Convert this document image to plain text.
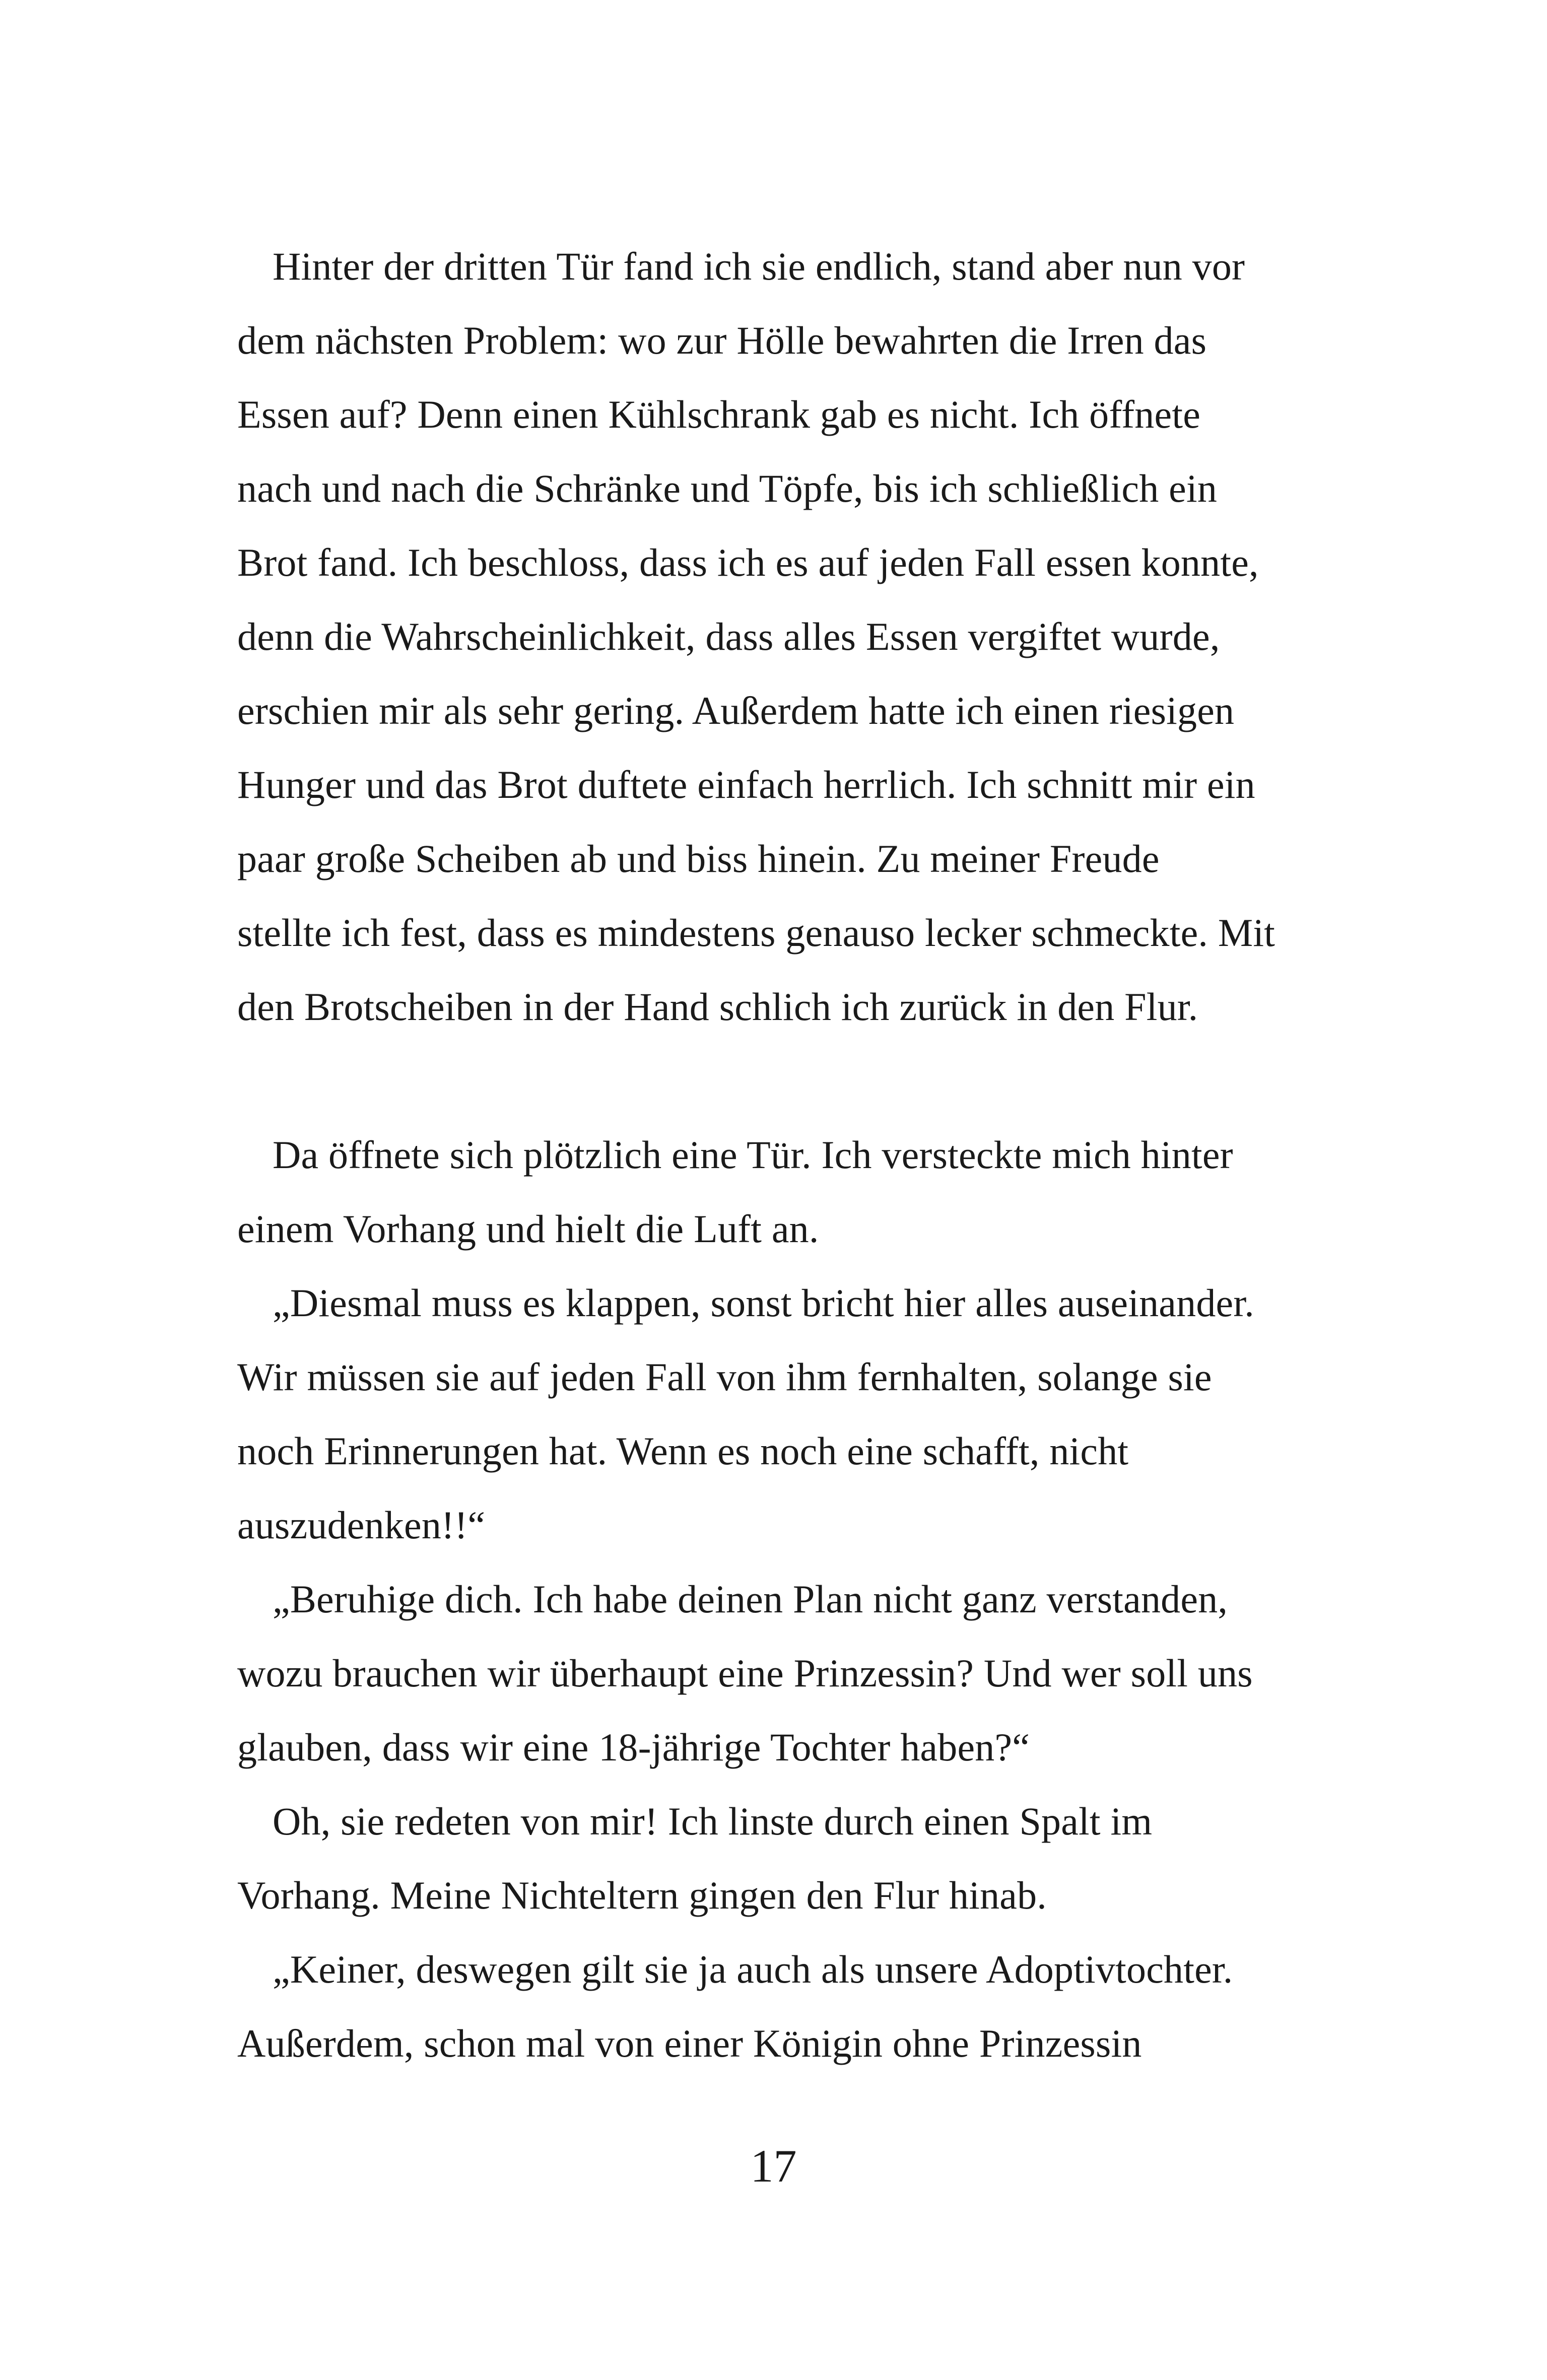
Hinter der dritten Tür fand ich sie endlich, stand aber nun vor
dem nächsten Problem: wo zur Hölle bewahrten die Irren das
Essen auf? Denn einen Kühlschrank gab es nicht. Ich öffnete
nach und nach die Schränke und Töpfe, bis ich schließlich ein
Brot fand. Ich beschloss, dass ich es auf jeden Fall essen konnte,
denn die Wahrscheinlichkeit, dass alles Essen vergiftet wurde,
erschien mir als sehr gering. Außerdem hatte ich einen riesigen
Hunger und das Brot duftete einfach herrlich. Ich schnitt mir ein
paar große Scheiben ab und biss hinein. Zu meiner Freude
stellte ich fest, dass es mindestens genauso lecker schmeckte. Mit
den Brotscheiben in der Hand schlich ich zurück in den Flur.
Da öffnete sich plötzlich eine Tür. Ich versteckte mich hinter
einem Vorhang und hielt die Luft an.
„Diesmal muss es klappen, sonst bricht hier alles auseinander.
Wir müssen sie auf jeden Fall von ihm fernhalten, solange sie
noch Erinnerungen hat. Wenn es noch eine schafft, nicht
auszudenken!!“
„Beruhige dich. Ich habe deinen Plan nicht ganz verstanden,
wozu brauchen wir überhaupt eine Prinzessin? Und wer soll uns
glauben, dass wir eine 18-jährige Tochter haben?“
Oh, sie redeten von mir! Ich linste durch einen Spalt im
Vorhang. Meine Nichteltern gingen den Flur hinab.
„Keiner, deswegen gilt sie ja auch als unsere Adoptivtochter.
Außerdem, schon mal von einer Königin ohne Prinzessin
17
